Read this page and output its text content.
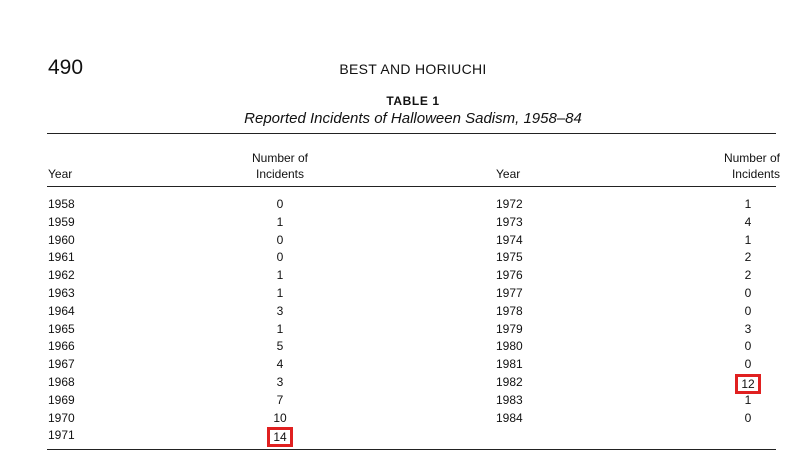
490	BEST AND HORIUCHI
TABLE 1
Reported Incidents of Halloween Sadism, 1958–84
Year
Number of
Incidents	Year
Number of
Incidents
1958
1959
1960
1961
1962
1963
1964
1965
1966
1967
1968
1969
1970
1971
0
1
0
0
1
1
3
1
5
4
3
7
10
14
1972
1973
1974
1975
1976
1977
1978
1979
1980
1981
1982
1983
1984
1
4
1
2
2
0
0
3
0
0
12
1
0
